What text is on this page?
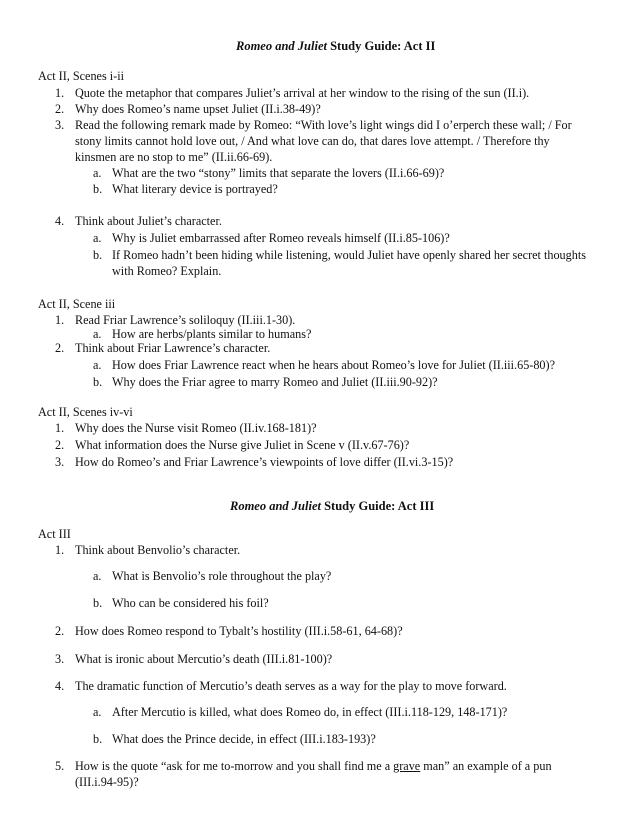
Romeo and Juliet Study Guide: Act II
Act II, Scenes i-ii
1. Quote the metaphor that compares Juliet’s arrival at her window to the rising of the sun (II.i).
2. Why does Romeo’s name upset Juliet (II.i.38-49)?
3. Read the following remark made by Romeo: “With love’s light wings did I o’erperch these wall; / For
stony limits cannot hold love out, / And what love can do, that dares love attempt. / Therefore thy
kinsmen are no stop to me” (II.ii.66-69).
a. What are the two “stony” limits that separate the lovers (II.i.66-69)?
b. What literary device is portrayed?
4. Think about Juliet’s character.
a. Why is Juliet embarrassed after Romeo reveals himself (II.i.85-106)?
b. If Romeo hadn’t been hiding while listening, would Juliet have openly shared her secret thoughts
with Romeo? Explain.
Act II, Scene iii
1. Read Friar Lawrence’s soliloquy (II.iii.1-30).
a. How are herbs/plants similar to humans?
2. Think about Friar Lawrence’s character.
a. How does Friar Lawrence react when he hears about Romeo’s love for Juliet (II.iii.65-80)?
b. Why does the Friar agree to marry Romeo and Juliet (II.iii.90-92)?
Act II, Scenes iv-vi
1. Why does the Nurse visit Romeo (II.iv.168-181)?
2. What information does the Nurse give Juliet in Scene v (II.v.67-76)?
3. How do Romeo’s and Friar Lawrence’s viewpoints of love differ (II.vi.3-15)?
Romeo and Juliet Study Guide: Act III
Act III
1. Think about Benvolio’s character.
a. What is Benvolio’s role throughout the play?
b. Who can be considered his foil?
2. How does Romeo respond to Tybalt’s hostility (III.i.58-61, 64-68)?
3. What is ironic about Mercutio’s death (III.i.81-100)?
4. The dramatic function of Mercutio’s death serves as a way for the play to move forward.
a. After Mercutio is killed, what does Romeo do, in effect (III.i.118-129, 148-171)?
b. What does the Prince decide, in effect (III.i.183-193)?
5. How is the quote “ask for me to-morrow and you shall find me a grave man” an example of a pun
(III.i.94-95)?
